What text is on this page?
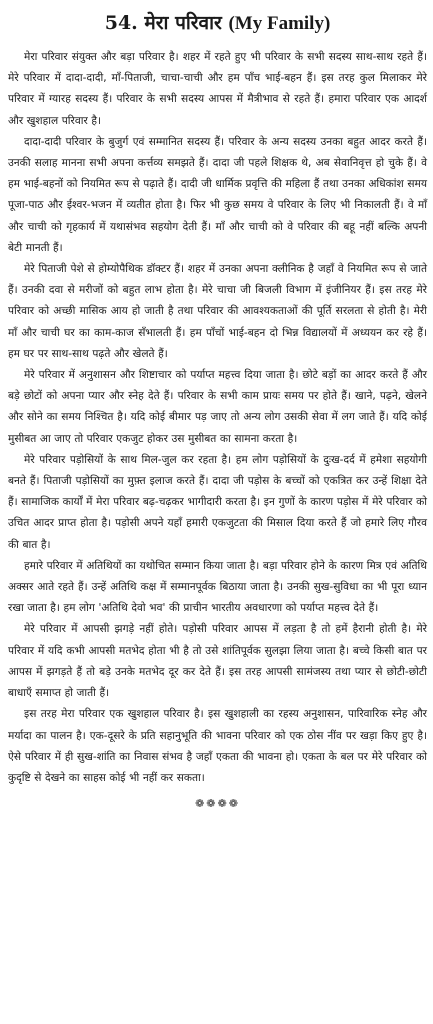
54. मेरा परिवार (My Family)

मेरा परिवार संयुक्त और बड़ा परिवार है। शहर में रहते हुए भी परिवार के सभी सदस्य साथ-साथ रहते हैं। मेरे परिवार में दादा-दादी, माँ-पिताजी, चाचा-चाची और हम पाँच भाई-बहन हैं। इस तरह कुल मिलाकर मेरे परिवार में ग्यारह सदस्य हैं। परिवार के सभी सदस्य आपस में मैत्रीभाव से रहते हैं। हमारा परिवार एक आदर्श और खुशहाल परिवार है।

दादा-दादी परिवार के बुजुर्ग एवं सम्मानित सदस्य हैं। परिवार के अन्य सदस्य उनका बहुत आदर करते हैं। उनकी सलाह मानना सभी अपना कर्त्तव्य समझते हैं। दादा जी पहले शिक्षक थे, अब सेवानिवृत्त हो चुके हैं। वे हम भाई-बहनों को नियमित रूप से पढ़ाते हैं। दादी जी धार्मिक प्रवृत्ति की महिला हैं तथा उनका अधिकांश समय पूजा-पाठ और ईश्वर-भजन में व्यतीत होता है। फिर भी कुछ समय वे परिवार के लिए भी निकालती हैं। वे माँ और चाची को गृहकार्य में यथासंभव सहयोग देती हैं। माँ और चाची को वे परिवार की बहू नहीं बल्कि अपनी बेटी मानती हैं।

मेरे पिताजी पेशे से होम्योपैथिक डॉक्टर हैं। शहर में उनका अपना क्लीनिक है जहाँ वे नियमित रूप से जाते हैं। उनकी दवा से मरीजों को बहुत लाभ होता है। मेरे चाचा जी बिजली विभाग में इंजीनियर हैं। इस तरह मेरे परिवार को अच्छी मासिक आय हो जाती है तथा परिवार की आवश्यकताओं की पूर्ति सरलता से होती है। मेरी माँ और चाची घर का काम-काज सँभालती हैं। हम पाँचों भाई-बहन दो भिन्न विद्यालयों में अध्ययन कर रहे हैं। हम घर पर साथ-साथ पढ़ते और खेलते हैं।

मेरे परिवार में अनुशासन और शिष्टाचार को पर्याप्त महत्त्व दिया जाता है। छोटे बड़ों का आदर करते हैं और बड़े छोटों को अपना प्यार और स्नेह देते हैं। परिवार के सभी काम प्रायः समय पर होते हैं। खाने, पढ़ने, खेलने और सोने का समय निश्चित है। यदि कोई बीमार पड़ जाए तो अन्य लोग उसकी सेवा में लग जाते हैं। यदि कोई मुसीबत आ जाए तो परिवार एकजुट होकर उस मुसीबत का सामना करता है।

मेरे परिवार पड़ोसियों के साथ मिल-जुल कर रहता है। हम लोग पड़ोसियों के दुःख-दर्द में हमेशा सहयोगी बनते हैं। पिताजी पड़ोसियों का मुफ़्त इलाज करते हैं। दादा जी पड़ोस के बच्चों को एकत्रित कर उन्हें शिक्षा देते हैं। सामाजिक कार्यों में मेरा परिवार बढ़-चढ़कर भागीदारी करता है। इन गुणों के कारण पड़ोस में मेरे परिवार को उचित आदर प्राप्त होता है। पड़ोसी अपने यहाँ हमारी एकजुटता की मिसाल दिया करते हैं जो हमारे लिए गौरव की बात है।

हमारे परिवार में अतिथियों का यथोचित सम्मान किया जाता है। बड़ा परिवार होने के कारण मित्र एवं अतिथि अक्सर आते रहते हैं। उन्हें अतिथि कक्ष में सम्मानपूर्वक बिठाया जाता है। उनकी सुख-सुविधा का भी पूरा ध्यान रखा जाता है। हम लोग 'अतिथि देवो भव' की प्राचीन भारतीय अवधारणा को पर्याप्त महत्त्व देते हैं।

मेरे परिवार में आपसी झगड़े नहीं होते। पड़ोसी परिवार आपस में लड़ता है तो हमें हैरानी होती है। मेरे परिवार में यदि कभी आपसी मतभेद होता भी है तो उसे शांतिपूर्वक सुलझा लिया जाता है। बच्चे किसी बात पर आपस में झगड़ते हैं तो बड़े उनके मतभेद दूर कर देते हैं। इस तरह आपसी सामंजस्य तथा प्यार से छोटी-छोटी बाधाएँ समाप्त हो जाती हैं।

इस तरह मेरा परिवार एक खुशहाल परिवार है। इस खुशहाली का रहस्य अनुशासन, पारिवारिक स्नेह और मर्यादा का पालन है। एक-दूसरे के प्रति सहानुभूति की भावना परिवार को एक ठोस नींव पर खड़ा किए हुए है। ऐसे परिवार में ही सुख-शांति का निवास संभव है जहाँ एकता की भावना हो। एकता के बल पर मेरे परिवार को कुदृष्टि से देखने का साहस कोई भी नहीं कर सकता।

❁❁❁❁
